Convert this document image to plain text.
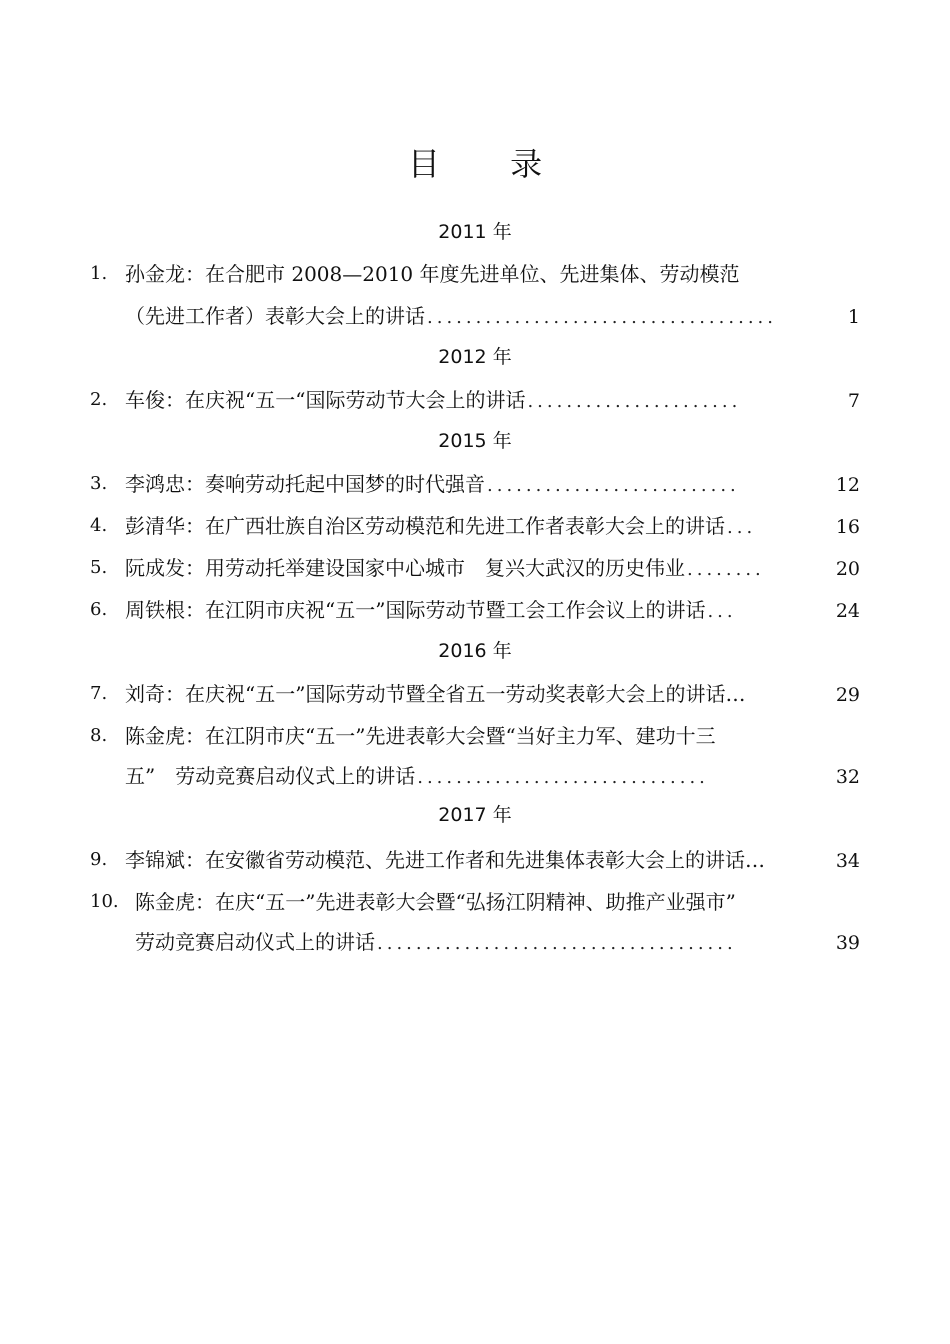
目 录
2011 年
1. 孙金龙：在合肥市 2008—2010 年度先进单位、先进集体、劳动模范
（先进工作者）表彰大会上的讲话 ....................................	1
2012 年
2. 车俊：在庆祝“五一“国际劳动节大会上的讲话 ......................	7
2015 年
3. 李鸿忠：奏响劳动托起中国梦的时代强音 ..........................	12
4. 彭清华：在广西壮族自治区劳动模范和先进工作者表彰大会上的讲话 ...	16
5. 阮成发：用劳动托举建设国家中心城市　复兴大武汉的历史伟业 ........	20
6. 周铁根：在江阴市庆祝“五一”国际劳动节暨工会工作会议上的讲话 ...	24
2016 年
7. 刘奇：在庆祝“五一”国际劳动节暨全省五一劳动奖表彰大会上的讲话…	29
8. 陈金虎：在江阴市庆“五一”先进表彰大会暨“当好主力军、建功十三
五”　劳动竞赛启动仪式上的讲话 ..............................	32
2017 年
9. 李锦斌：在安徽省劳动模范、先进工作者和先进集体表彰大会上的讲话…	34
10. 陈金虎：在庆“五一”先进表彰大会暨“弘扬江阴精神、助推产业强市”
劳动竞赛启动仪式上的讲话 .....................................	39
